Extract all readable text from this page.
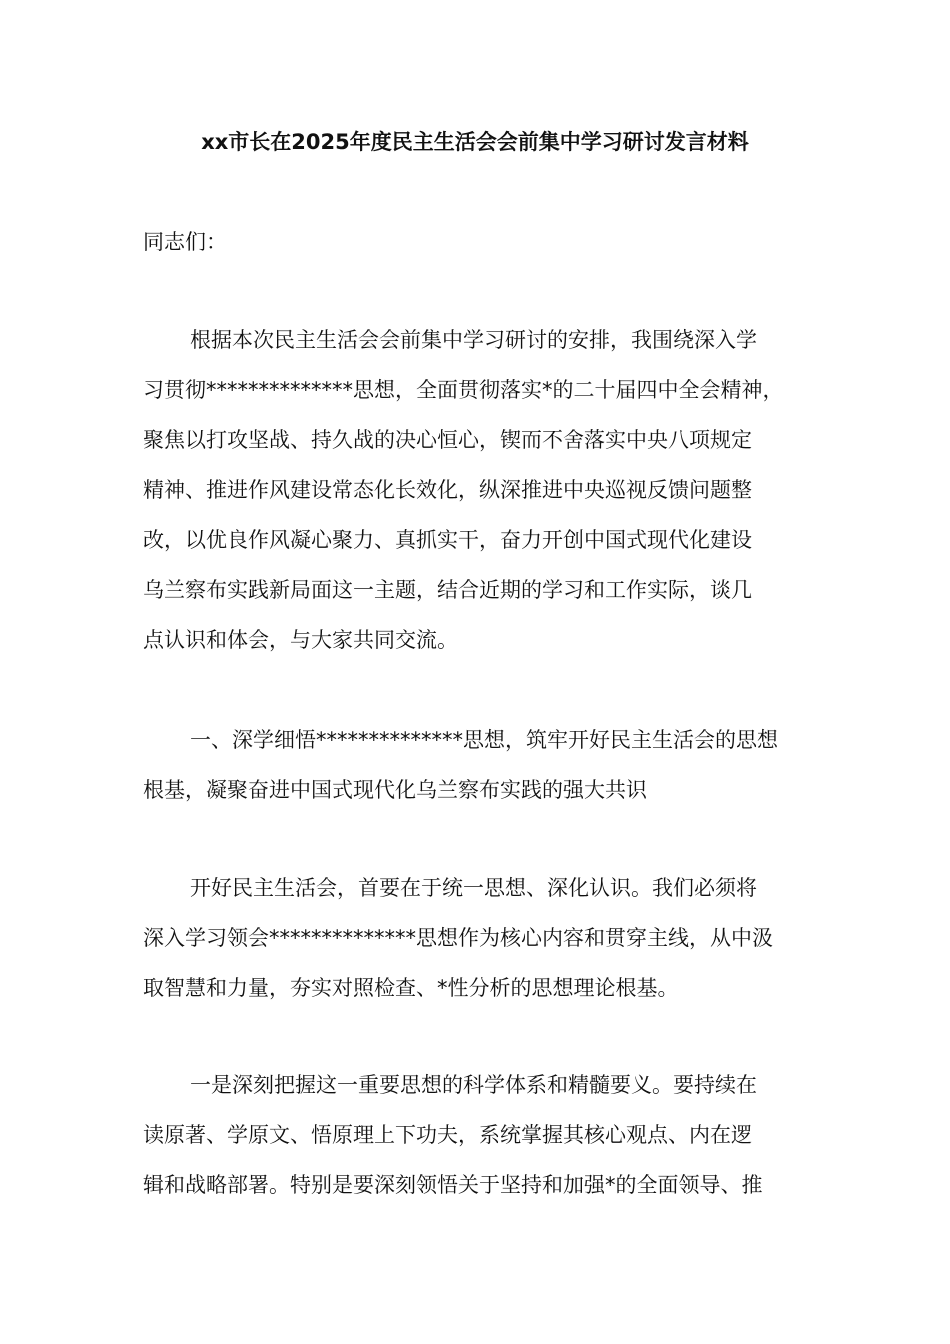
xx市长在2025年度民主生活会会前集中学习研讨发言材料
同志们：
根据本次民主生活会会前集中学习研讨的安排，我围绕深入学
习贯彻**************思想，全面贯彻落实*的二十届四中全会精神，
聚焦以打攻坚战、持久战的决心恒心，锲而不舍落实中央八项规定
精神、推进作风建设常态化长效化，纵深推进中央巡视反馈问题整
改，以优良作风凝心聚力、真抓实干，奋力开创中国式现代化建设
乌兰察布实践新局面这一主题，结合近期的学习和工作实际，谈几
点认识和体会，与大家共同交流。
一、深学细悟**************思想，筑牢开好民主生活会的思想
根基，凝聚奋进中国式现代化乌兰察布实践的强大共识
开好民主生活会，首要在于统一思想、深化认识。我们必须将
深入学习领会**************思想作为核心内容和贯穿主线，从中汲
取智慧和力量，夯实对照检查、*性分析的思想理论根基。
一是深刻把握这一重要思想的科学体系和精髓要义。要持续在
读原著、学原文、悟原理上下功夫，系统掌握其核心观点、内在逻
辑和战略部署。特别是要深刻领悟关于坚持和加强*的全面领导、推
